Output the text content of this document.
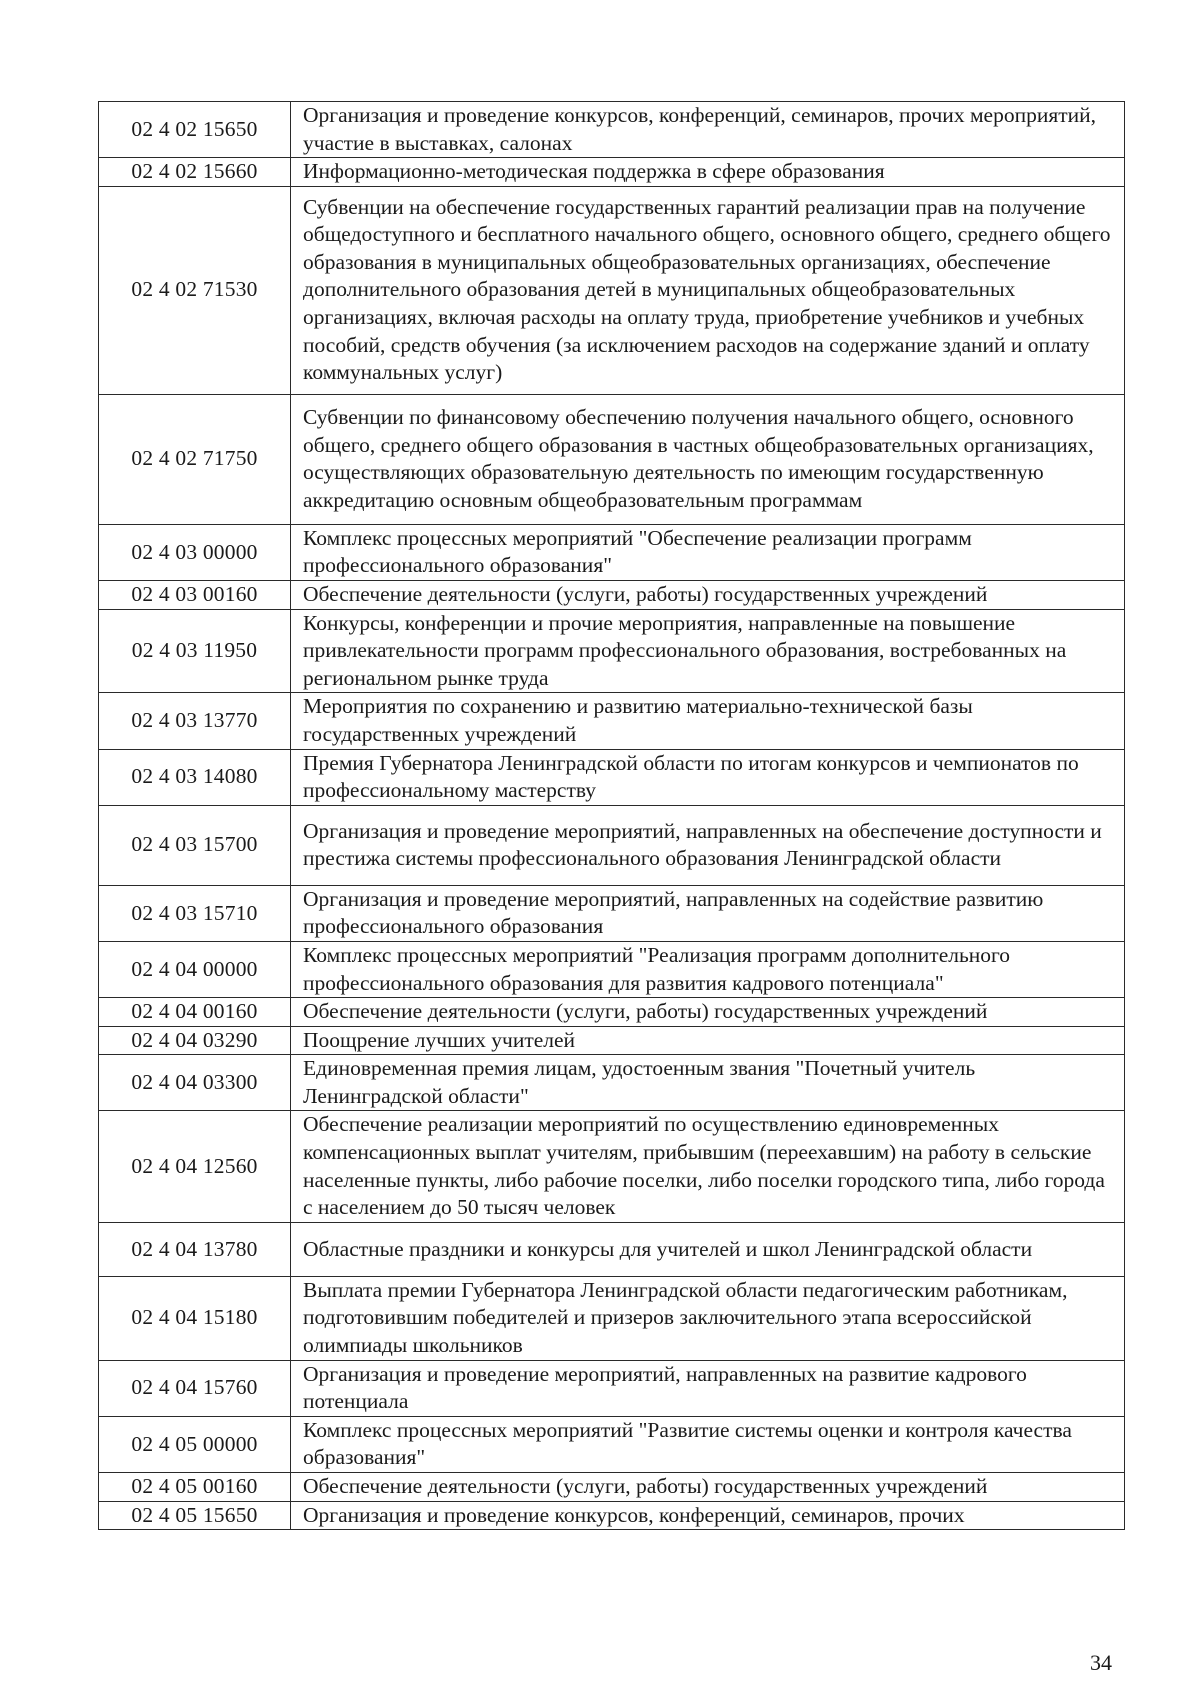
02 4 02 15650	Организация и проведение конкурсов, конференций, семинаров, прочих мероприятий, участие в выставках, салонах
02 4 02 15660	Информационно-методическая поддержка в сфере образования
02 4 02 71530	Субвенции на обеспечение государственных гарантий реализации прав на получение общедоступного и бесплатного начального общего, основного общего, среднего общего образования в муниципальных общеобразовательных организациях, обеспечение дополнительного образования детей в муниципальных общеобразовательных организациях, включая расходы на оплату труда, приобретение учебников и учебных пособий, средств обучения (за исключением расходов на содержание зданий и оплату коммунальных услуг)
02 4 02 71750	Субвенции по финансовому обеспечению получения начального общего, основного общего, среднего общего образования в частных общеобразовательных организациях, осуществляющих образовательную деятельность по имеющим государственную аккредитацию основным общеобразовательным программам
02 4 03 00000	Комплекс процессных мероприятий "Обеспечение реализации программ профессионального образования"
02 4 03 00160	Обеспечение деятельности (услуги, работы) государственных учреждений
02 4 03 11950	Конкурсы, конференции и прочие мероприятия, направленные на повышение привлекательности программ профессионального образования, востребованных на региональном рынке труда
02 4 03 13770	Мероприятия по сохранению и развитию материально-технической базы государственных учреждений
02 4 03 14080	Премия Губернатора Ленинградской области по итогам конкурсов и чемпионатов по профессиональному мастерству
02 4 03 15700	Организация и проведение мероприятий, направленных на обеспечение доступности и престижа системы профессионального образования Ленинградской области
02 4 03 15710	Организация и проведение мероприятий, направленных на содействие развитию профессионального образования
02 4 04 00000	Комплекс процессных мероприятий "Реализация программ дополнительного профессионального образования для развития кадрового потенциала"
02 4 04 00160	Обеспечение деятельности (услуги, работы) государственных учреждений
02 4 04 03290	Поощрение лучших учителей
02 4 04 03300	Единовременная премия лицам, удостоенным звания "Почетный учитель Ленинградской области"
02 4 04 12560	Обеспечение реализации мероприятий по осуществлению единовременных компенсационных выплат учителям, прибывшим (переехавшим) на работу в сельские населенные пункты, либо рабочие поселки, либо поселки городского типа, либо города с населением до 50 тысяч человек
02 4 04 13780	Областные праздники и конкурсы для учителей и школ Ленинградской области
02 4 04 15180	Выплата премии Губернатора Ленинградской области педагогическим работникам, подготовившим победителей и призеров заключительного этапа всероссийской олимпиады школьников
02 4 04 15760	Организация и проведение мероприятий, направленных на развитие кадрового потенциала
02 4 05 00000	Комплекс процессных мероприятий "Развитие системы оценки и контроля качества образования"
02 4 05 00160	Обеспечение деятельности (услуги, работы) государственных учреждений
02 4 05 15650	Организация и проведение конкурсов, конференций, семинаров, прочих
34
